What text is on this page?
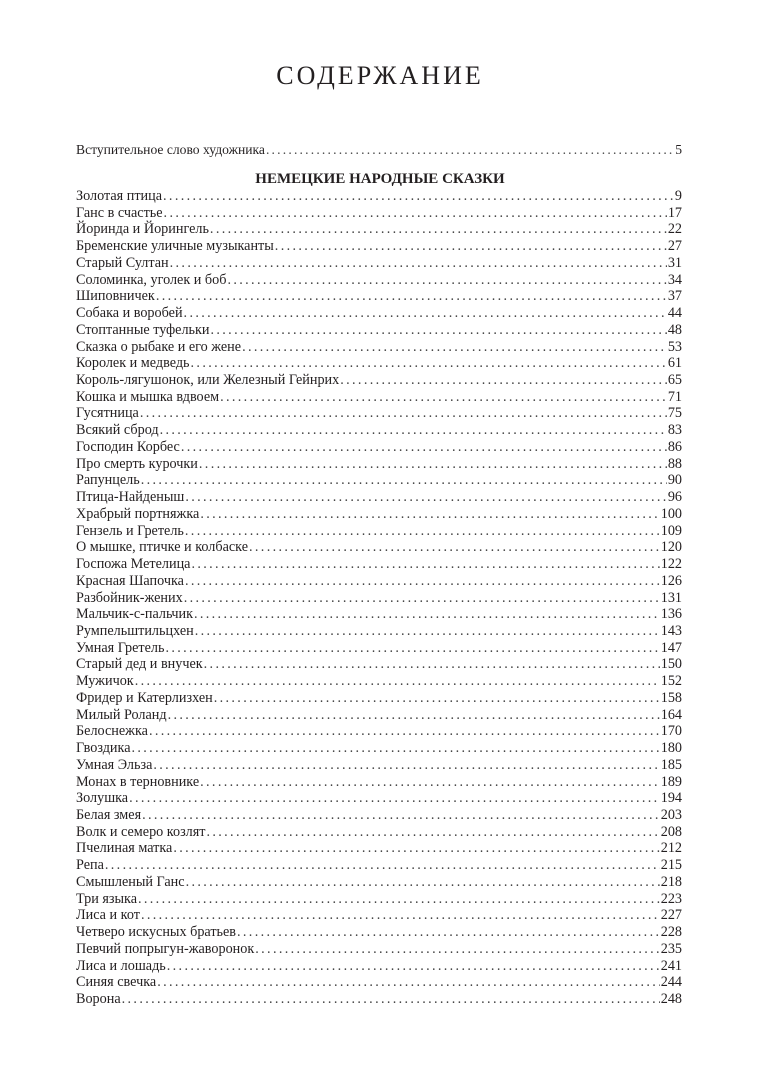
СОДЕРЖАНИЕ
Вступительное слово художника . . .	5
НЕМЕЦКИЕ НАРОДНЫЕ СКАЗКИ
Золотая птица . . .	9
Ганс в счастье . . .	17
Йоринда и Йорингель . . .	22
Бременские уличные музыканты . . .	27
Старый Султан . . .	31
Соломинка, уголек и боб . . .	34
Шиповничек . . .	37
Собака и воробей . . .	44
Стоптанные туфельки . . .	48
Сказка о рыбаке и его жене . . .	53
Королек и медведь . . .	61
Король-лягушонок, или Железный Гейнрих . . .	65
Кошка и мышка вдвоем . . .	71
Гусятница . . .	75
Всякий сброд . . .	83
Господин Корбес . . .	86
Про смерть курочки . . .	88
Рапунцель . . .	90
Птица-Найденыш . . .	96
Храбрый портняжка . . .	100
Гензель и Гретель . . .	109
О мышке, птичке и колбаске . . .	120
Госпожа Метелица . . .	122
Красная Шапочка . . .	126
Разбойник-жених . . .	131
Мальчик-с-пальчик . . .	136
Румпельштильцхен . . .	143
Умная Гретель . . .	147
Старый дед и внучек . . .	150
Мужичок . . .	152
Фридер и Катерлизхен . . .	158
Милый Роланд . . .	164
Белоснежка . . .	170
Гвоздика . . .	180
Умная Эльза . . .	185
Монах в терновнике . . .	189
Золушка . . .	194
Белая змея . . .	203
Волк и семеро козлят . . .	208
Пчелиная матка . . .	212
Репа . . .	215
Смышленый Ганс . . .	218
Три языка . . .	223
Лиса и кот . . .	227
Четверо искусных братьев . . .	228
Певчий попрыгун-жаворонок . . .	235
Лиса и лошадь . . .	241
Синяя свечка . . .	244
Ворона . . .	248
